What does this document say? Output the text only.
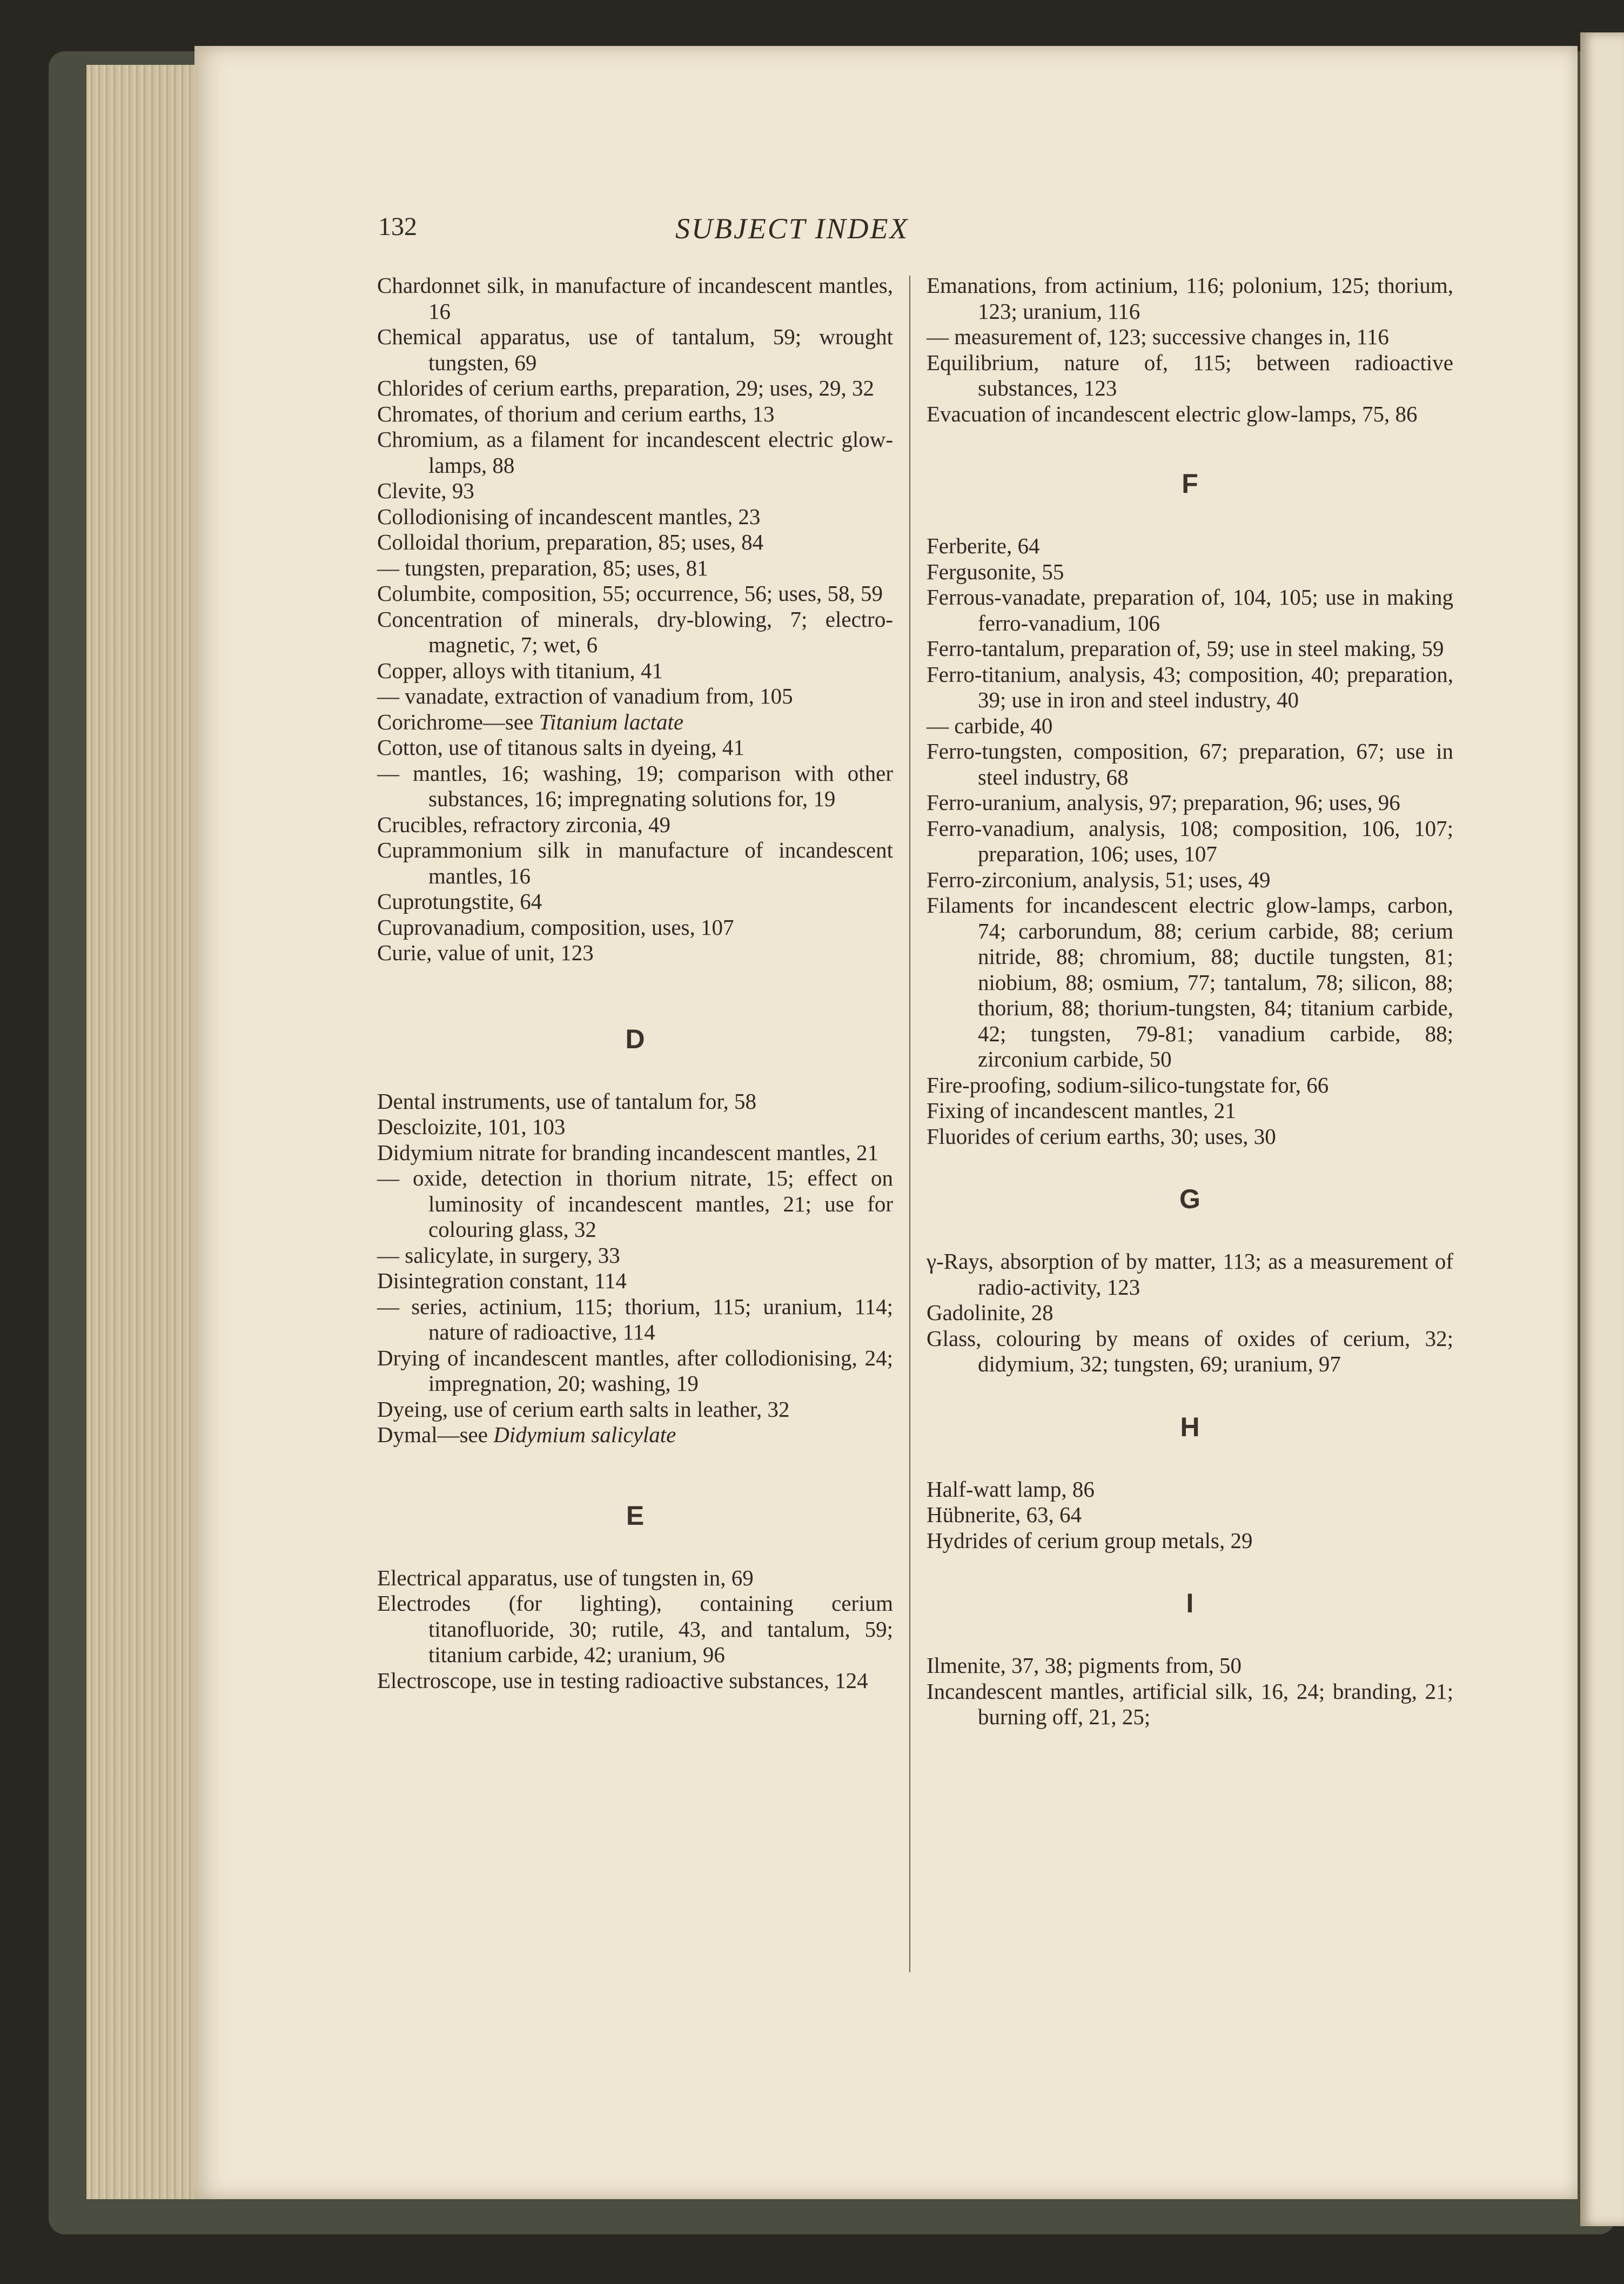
132	SUBJECT INDEX

Chardonnet silk, in manufacture of incandescent mantles, 16

Chemical apparatus, use of tantalum, 59; wrought tungsten, 69

Chlorides of cerium earths, preparation, 29; uses, 29, 32

Chromates, of thorium and cerium earths, 13

Chromium, as a filament for incandescent electric glow-lamps, 88

Clevite, 93

Collodionising of incandescent mantles, 23

Colloidal thorium, preparation, 85; uses, 84

— tungsten, preparation, 85; uses, 81

Columbite, composition, 55; occurrence, 56; uses, 58, 59

Concentration of minerals, dry-blowing, 7; electro-magnetic, 7; wet, 6

Copper, alloys with titanium, 41

— vanadate, extraction of vanadium from, 105

Corichrome—see Titanium lactate

Cotton, use of titanous salts in dyeing, 41

— mantles, 16; washing, 19; comparison with other substances, 16; impregnating solutions for, 19

Crucibles, refractory zirconia, 49

Cuprammonium silk in manufacture of incandescent mantles, 16

Cuprotungstite, 64

Cuprovanadium, composition, uses, 107

Curie, value of unit, 123

D

Dental instruments, use of tantalum for, 58

Descloizite, 101, 103

Didymium nitrate for branding incandescent mantles, 21

— oxide, detection in thorium nitrate, 15; effect on luminosity of incandescent mantles, 21; use for colouring glass, 32

— salicylate, in surgery, 33

Disintegration constant, 114

— series, actinium, 115; thorium, 115; uranium, 114; nature of radioactive, 114

Drying of incandescent mantles, after collodionising, 24; impregnation, 20; washing, 19

Dyeing, use of cerium earth salts in leather, 32

Dymal—see Didymium salicylate

E

Electrical apparatus, use of tungsten in, 69

Electrodes (for lighting), containing cerium titanofluoride, 30; rutile, 43, and tantalum, 59; titanium carbide, 42; uranium, 96

Electroscope, use in testing radioactive substances, 124

Emanations, from actinium, 116; polonium, 125; thorium, 123; uranium, 116

— measurement of, 123; successive changes in, 116

Equilibrium, nature of, 115; between radioactive substances, 123

Evacuation of incandescent electric glow-lamps, 75, 86

F

Ferberite, 64

Fergusonite, 55

Ferrous-vanadate, preparation of, 104, 105; use in making ferro-vanadium, 106

Ferro-tantalum, preparation of, 59; use in steel making, 59

Ferro-titanium, analysis, 43; composition, 40; preparation, 39; use in iron and steel industry, 40

— carbide, 40

Ferro-tungsten, composition, 67; preparation, 67; use in steel industry, 68

Ferro-uranium, analysis, 97; preparation, 96; uses, 96

Ferro-vanadium, analysis, 108; composition, 106, 107; preparation, 106; uses, 107

Ferro-zirconium, analysis, 51; uses, 49

Filaments for incandescent electric glow-lamps, carbon, 74; carborundum, 88; cerium carbide, 88; cerium nitride, 88; chromium, 88; ductile tungsten, 81; niobium, 88; osmium, 77; tantalum, 78; silicon, 88; thorium, 88; thorium-tungsten, 84; titanium carbide, 42; tungsten, 79-81; vanadium carbide, 88; zirconium carbide, 50

Fire-proofing, sodium-silico-tungstate for, 66

Fixing of incandescent mantles, 21

Fluorides of cerium earths, 30; uses, 30

G

γ-Rays, absorption of by matter, 113; as a measurement of radio-activity, 123

Gadolinite, 28

Glass, colouring by means of oxides of cerium, 32; didymium, 32; tungsten, 69; uranium, 97

H

Half-watt lamp, 86

Hübnerite, 63, 64

Hydrides of cerium group metals, 29

I

Ilmenite, 37, 38; pigments from, 50

Incandescent mantles, artificial silk, 16, 24; branding, 21; burning off, 21, 25;
